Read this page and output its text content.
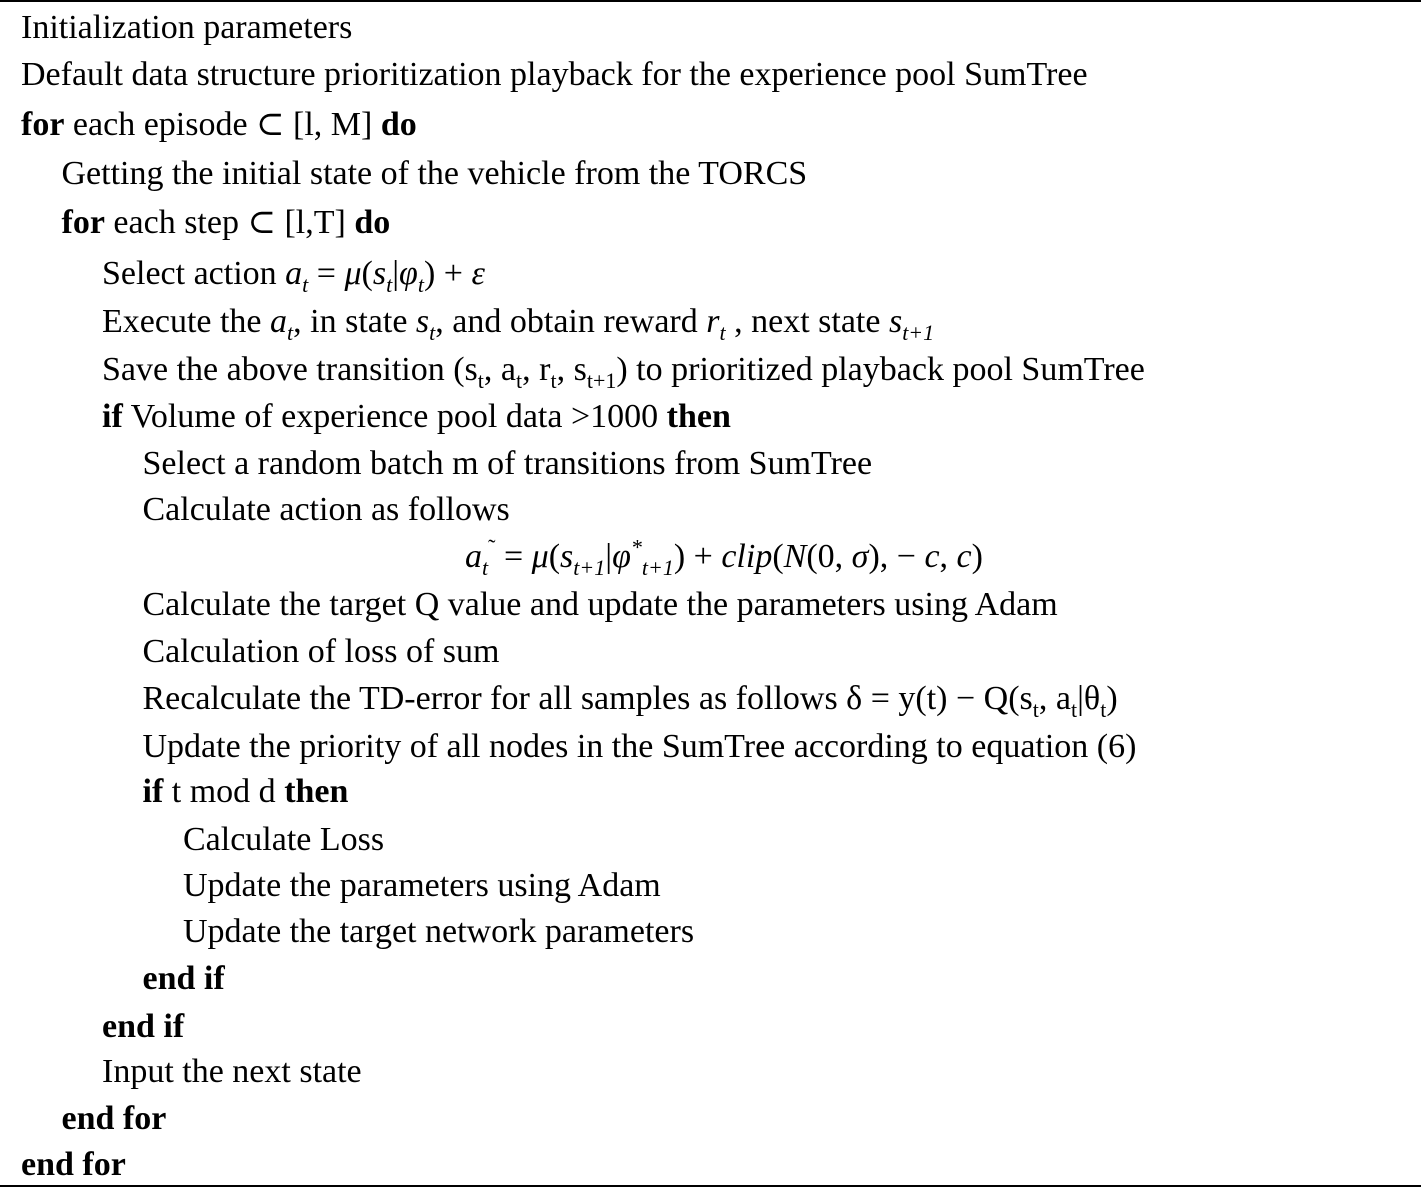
Initialization parameters
Default data structure prioritization playback for the experience pool SumTree
for each episode ⊂ [l, M] do
Getting the initial state of the vehicle from the TORCS
for each step ⊂ [l,T] do
Select action $a_t = \mu(s_t|\varphi_t) + \varepsilon$
Execute the $a_t$, in state $s_t$, and obtain reward $r_t$ , next state $s_{t+1}$
Save the above transition ($s_t$, $a_t$, $r_t$, $s_{t+1}$) to prioritized playback pool SumTree
if Volume of experience pool data >1000 then
Select a random batch m of transitions from SumTree
Calculate action as follows
$a_t^˜ = \mu(s_{t+1}|\varphi^*_{t+1})$ + clip(N(0, σ), − c, c)
Calculate the target Q value and update the parameters using Adam
Calculation of loss of sum
Recalculate the TD-error for all samples as follows $\delta = y(t) - Q(s_t$, $a_t|\theta_t$)
Update the priority of all nodes in the SumTree according to equation (6)
if t mod d then
Calculate Loss
Update the parameters using Adam
Update the target network parameters
end if
end if
Input the next state
end for
end for
